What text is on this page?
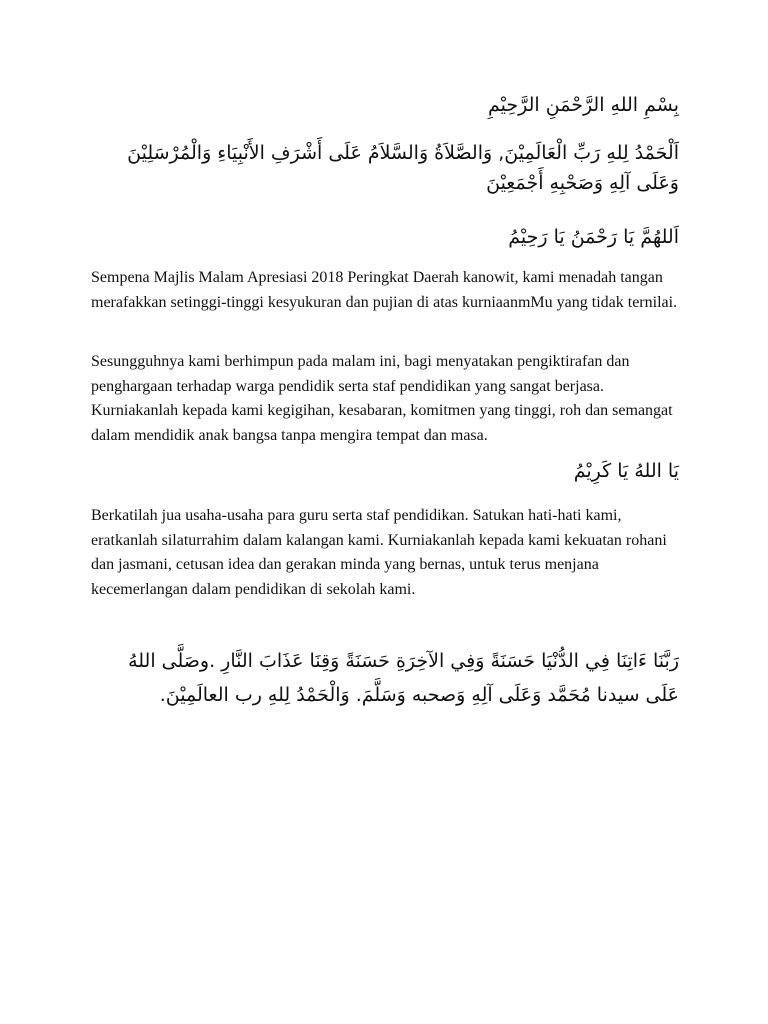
بِسْمِ اللهِ الرَّحْمَنِ الرَّحِيْمِ

اَلْحَمْدُ لِلهِ رَبِّ الْعَالَمِيْنَ, وَالصَّلاَةُ وَالسَّلاَمُ عَلَى أَشْرَفِ الأَنْبِيَاءِ وَالْمُرْسَلِيْنَ وَعَلَى آلِهِ وَصَحْبِهِ أَجْمَعِيْنَ

اَللهُمَّ يَا رَحْمَنُ يَا رَحِيْمُ

Sempena Majlis Malam Apresiasi 2018 Peringkat Daerah kanowit, kami menadah tangan merafakkan setinggi-tinggi kesyukuran dan pujian di atas kurniaanmMu yang tidak ternilai.

Sesungguhnya kami berhimpun pada malam ini, bagi menyatakan pengiktirafan dan penghargaan terhadap warga pendidik serta staf pendidikan yang sangat berjasa. Kurniakanlah kepada kami kegigihan, kesabaran, komitmen yang tinggi, roh dan semangat dalam mendidik anak bangsa tanpa mengira tempat dan masa.

يَا اللهُ يَا كَرِيْمُ

Berkatilah jua usaha-usaha para guru serta staf pendidikan. Satukan hati-hati kami, eratkanlah silaturrahim dalam kalangan kami. Kurniakanlah kepada kami kekuatan rohani dan jasmani, cetusan idea dan gerakan minda yang bernas, untuk terus menjana kecemerlangan dalam pendidikan di sekolah kami.

رَبَّنَا ءَاتِنَا فِي الدُّنْيَا حَسَنَةً وَفِي الآخِرَةِ حَسَنَةً وَقِنَا عَذَابَ النَّارِ .وصَلَّى اللهُ عَلَى سيدنا مُحَمَّد وَعَلَى آلِهِ وَصحبه وَسَلَّمَ. وَالْحَمْدُ لِلهِ رب العالَمِيْنَ.
